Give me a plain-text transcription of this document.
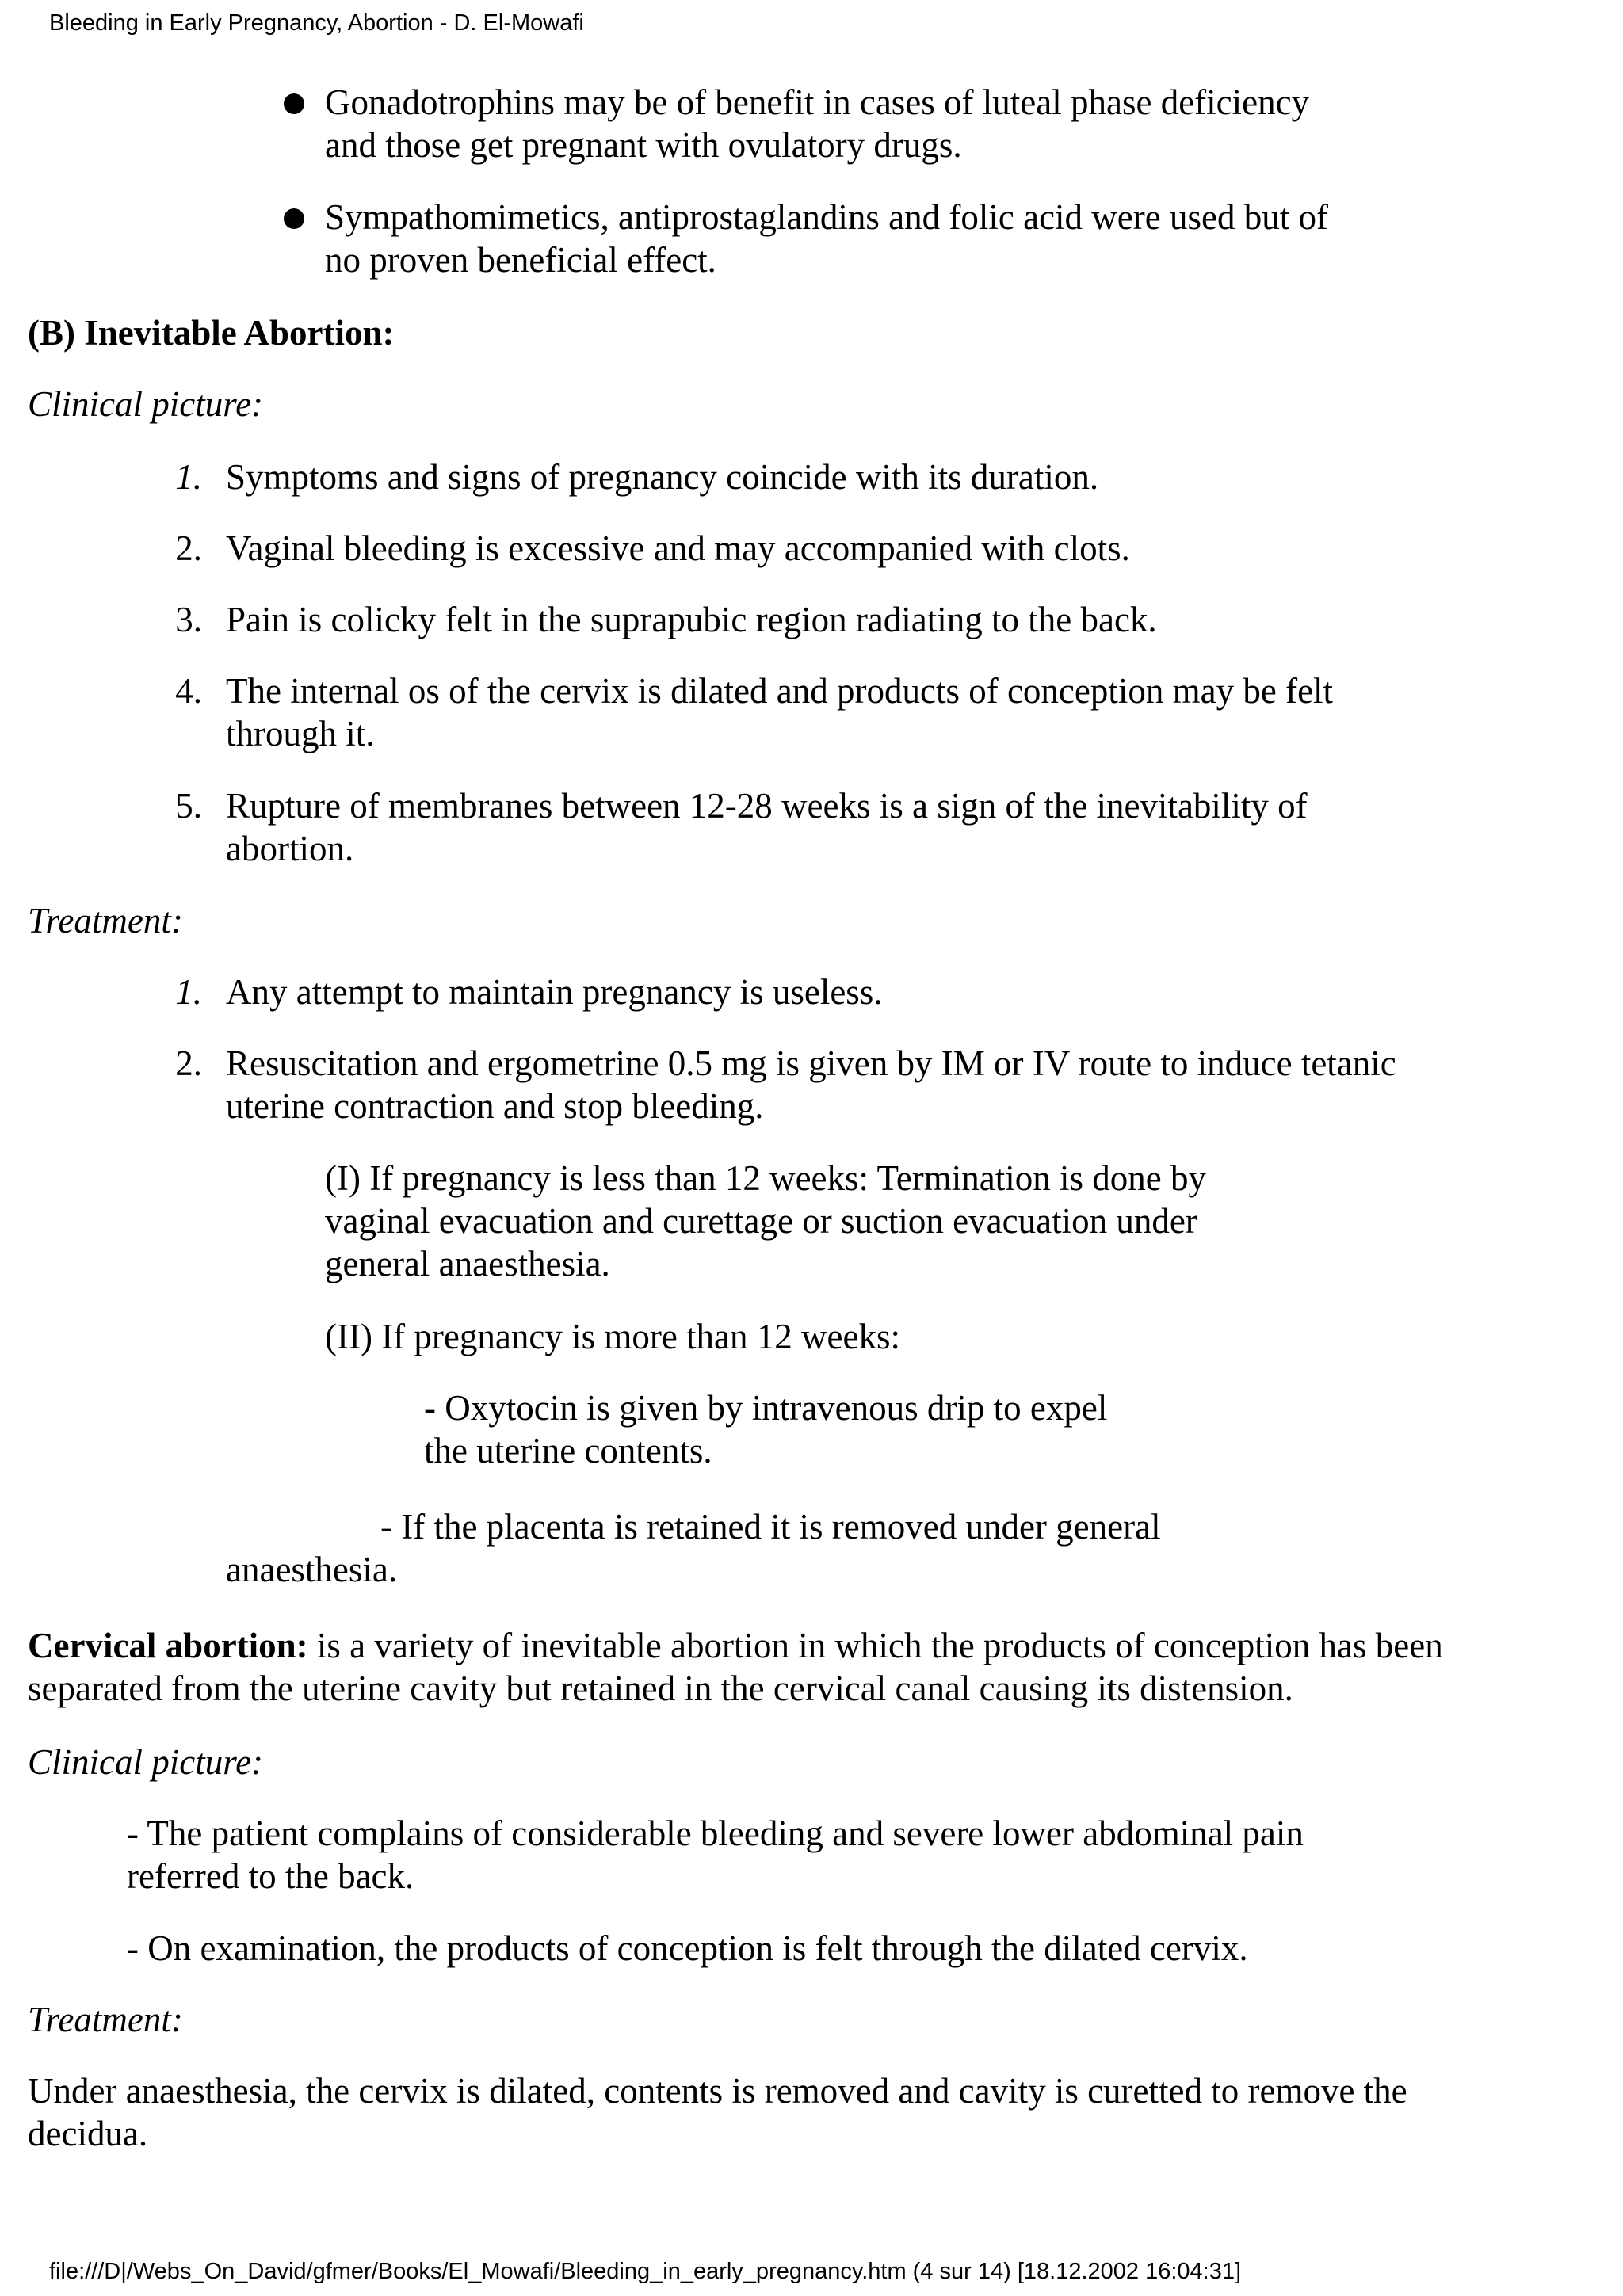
Bleeding in Early Pregnancy, Abortion - D. El-Mowafi
Gonadotrophins may be of benefit in cases of luteal phase deficiency
and those get pregnant with ovulatory drugs.
Sympathomimetics, antiprostaglandins and folic acid were used but of
no proven beneficial effect.
(B) Inevitable Abortion:
Clinical picture:
1. Symptoms and signs of pregnancy coincide with its duration.
2. Vaginal bleeding is excessive and may accompanied with clots.
3. Pain is colicky felt in the suprapubic region radiating to the back.
4. The internal os of the cervix is dilated and products of conception may be felt
through it.
5. Rupture of membranes between 12-28 weeks is a sign of the inevitability of
abortion.
Treatment:
1. Any attempt to maintain pregnancy is useless.
2. Resuscitation and ergometrine 0.5 mg is given by IM or IV route to induce tetanic
uterine contraction and stop bleeding.
(I) If pregnancy is less than 12 weeks: Termination is done by
vaginal evacuation and curettage or suction evacuation under
general anaesthesia.
(II) If pregnancy is more than 12 weeks:
- Oxytocin is given by intravenous drip to expel
the uterine contents.
- If the placenta is retained it is removed under general
anaesthesia.
Cervical abortion: is a variety of inevitable abortion in which the products of conception has been
separated from the uterine cavity but retained in the cervical canal causing its distension.
Clinical picture:
- The patient complains of considerable bleeding and severe lower abdominal pain
referred to the back.
- On examination, the products of conception is felt through the dilated cervix.
Treatment:
Under anaesthesia, the cervix is dilated, contents is removed and cavity is curetted to remove the
decidua.
file:///D|/Webs_On_David/gfmer/Books/El_Mowafi/Bleeding_in_early_pregnancy.htm (4 sur 14) [18.12.2002 16:04:31]
